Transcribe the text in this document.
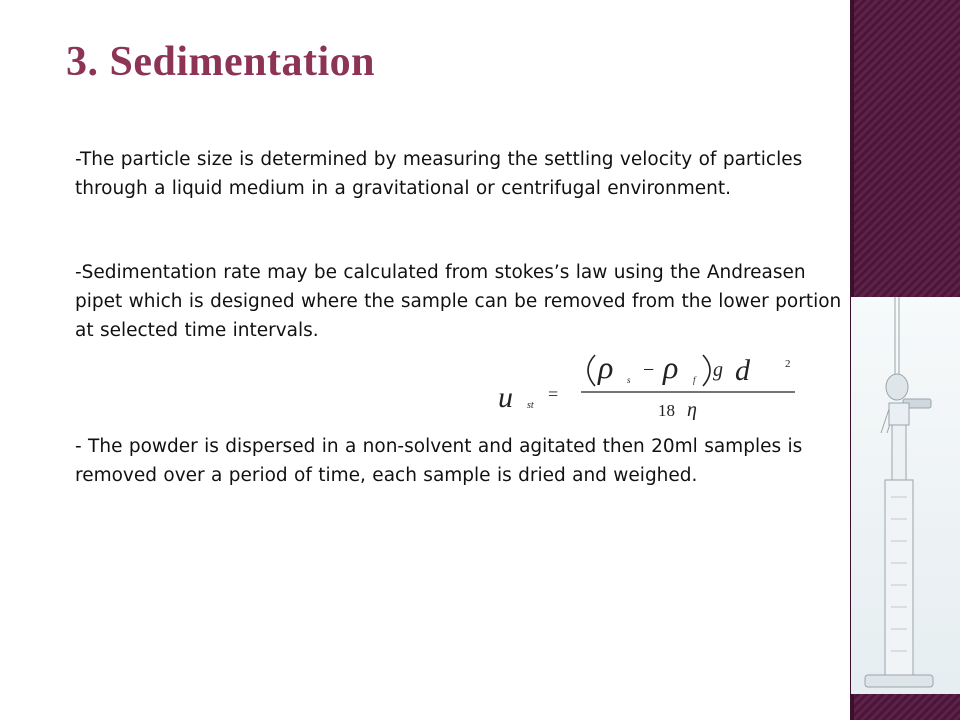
3. Sedimentation

-The particle size is determined by measuring the settling velocity of particles through a liquid medium in a gravitational or centrifugal environment.

-Sedimentation rate may be calculated from stokes’s law using the Andreasen pipet which is designed where the sample can be removed from the lower portion at selected time intervals.

u st
=
ρ s − ρ f g d	2
18 η

- The powder is dispersed in a non-solvent and agitated then 20ml samples is removed over a period of time, each sample is dried and weighed.
